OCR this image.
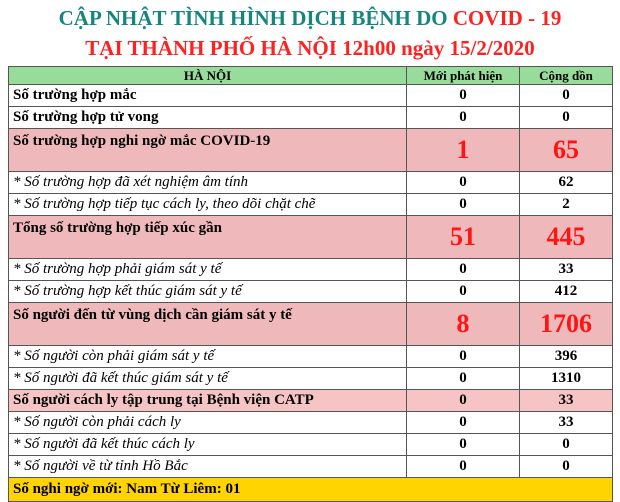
CẬP NHẬT TÌNH HÌNH DỊCH BỆNH DO COVID - 19
TẠI THÀNH PHỐ HÀ NỘI 12h00 ngày 15/2/2020
HÀ NỘI	Mới phát hiện	Cộng dồn
Số trường hợp mắc	0	0
Số trường hợp tử vong	0	0
Số trường hợp nghi ngờ mắc COVID-19	1	65
* Số trường hợp đã xét nghiệm âm tính	0	62
* Số trường hợp tiếp tục cách ly, theo dõi chặt chẽ	0	2
Tổng số trường hợp tiếp xúc gần	51	445
* Số trường hợp phải giám sát y tế	0	33
* Số trường hợp kết thúc giám sát y tế	0	412
Số người đến từ vùng dịch cần giám sát y tế	8	1706
* Số người còn phải giám sát y tế	0	396
* Số người đã kết thúc giám sát y tế	0	1310
Số người cách ly tập trung tại Bệnh viện CATP	0	33
* Số người còn phải cách ly	0	33
* Số người đã kết thúc cách ly	0	0
* Số người về từ tỉnh Hồ Bắc	0	0
Số nghi ngờ mới: Nam Từ Liêm: 01		
